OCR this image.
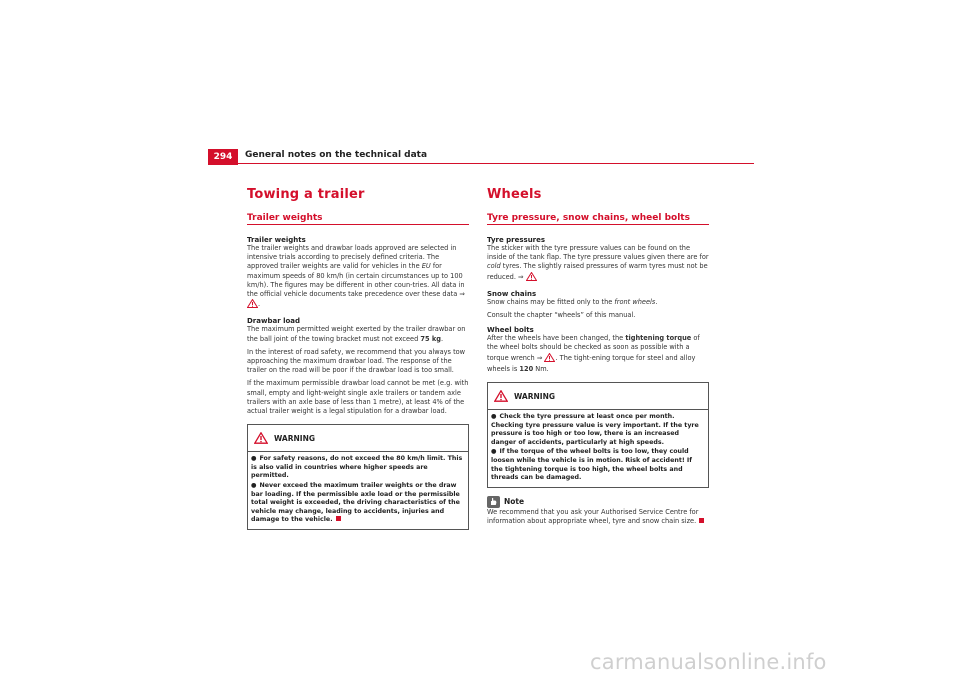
294	General notes on the technical data
Towing a trailer
Trailer weights
Trailer weights

The trailer weights and drawbar loads approved are selected in intensive trials according to precisely defined criteria. The approved trailer weights are valid for vehicles in the EU for maximum speeds of 80 km/h (in certain circumstances up to 100 km/h). The figures may be different in other coun-tries. All data in the official vehicle documents take precedence over these data ⇒ .

Drawbar load

The maximum permitted weight exerted by the trailer drawbar on the ball joint of the towing bracket must not exceed 75 kg.

In the interest of road safety, we recommend that you always tow approaching the maximum drawbar load. The response of the trailer on the road will be poor if the drawbar load is too small.

If the maximum permissible drawbar load cannot be met (e.g. with small, empty and light-weight single axle trailers or tandem axle trailers with an axle base of less than 1 metre), at least 4% of the actual trailer weight is a legal stipulation for a drawbar load.

WARNING
● For safety reasons, do not exceed the 80 km/h limit. This is also valid in countries where higher speeds are permitted.
● Never exceed the maximum trailer weights or the draw bar loading. If the permissible axle load or the permissible total weight is exceeded, the driving characteristics of the vehicle may change, leading to accidents, injuries and damage to the vehicle.
Wheels
Tyre pressure, snow chains, wheel bolts
Tyre pressures

The sticker with the tyre pressure values can be found on the inside of the tank flap. The tyre pressure values given there are for cold tyres. The slightly raised pressures of warm tyres must not be reduced. ⇒

Snow chains

Snow chains may be fitted only to the front wheels.

Consult the chapter “wheels” of this manual.

Wheel bolts

After the wheels have been changed, the tightening torque of the wheel bolts should be checked as soon as possible with a torque wrench ⇒ . The tight-ening torque for steel and alloy wheels is 120 Nm.

WARNING
● Check the tyre pressure at least once per month. Checking tyre pressure value is very important. If the tyre pressure is too high or too low, there is an increased danger of accidents, particularly at high speeds.
● If the torque of the wheel bolts is too low, they could loosen while the vehicle is in motion. Risk of accident! If the tightening torque is too high, the wheel bolts and threads can be damaged.
Note

We recommend that you ask your Authorised Service Centre for information about appropriate wheel, tyre and snow chain size.

carmanualsonline.info
